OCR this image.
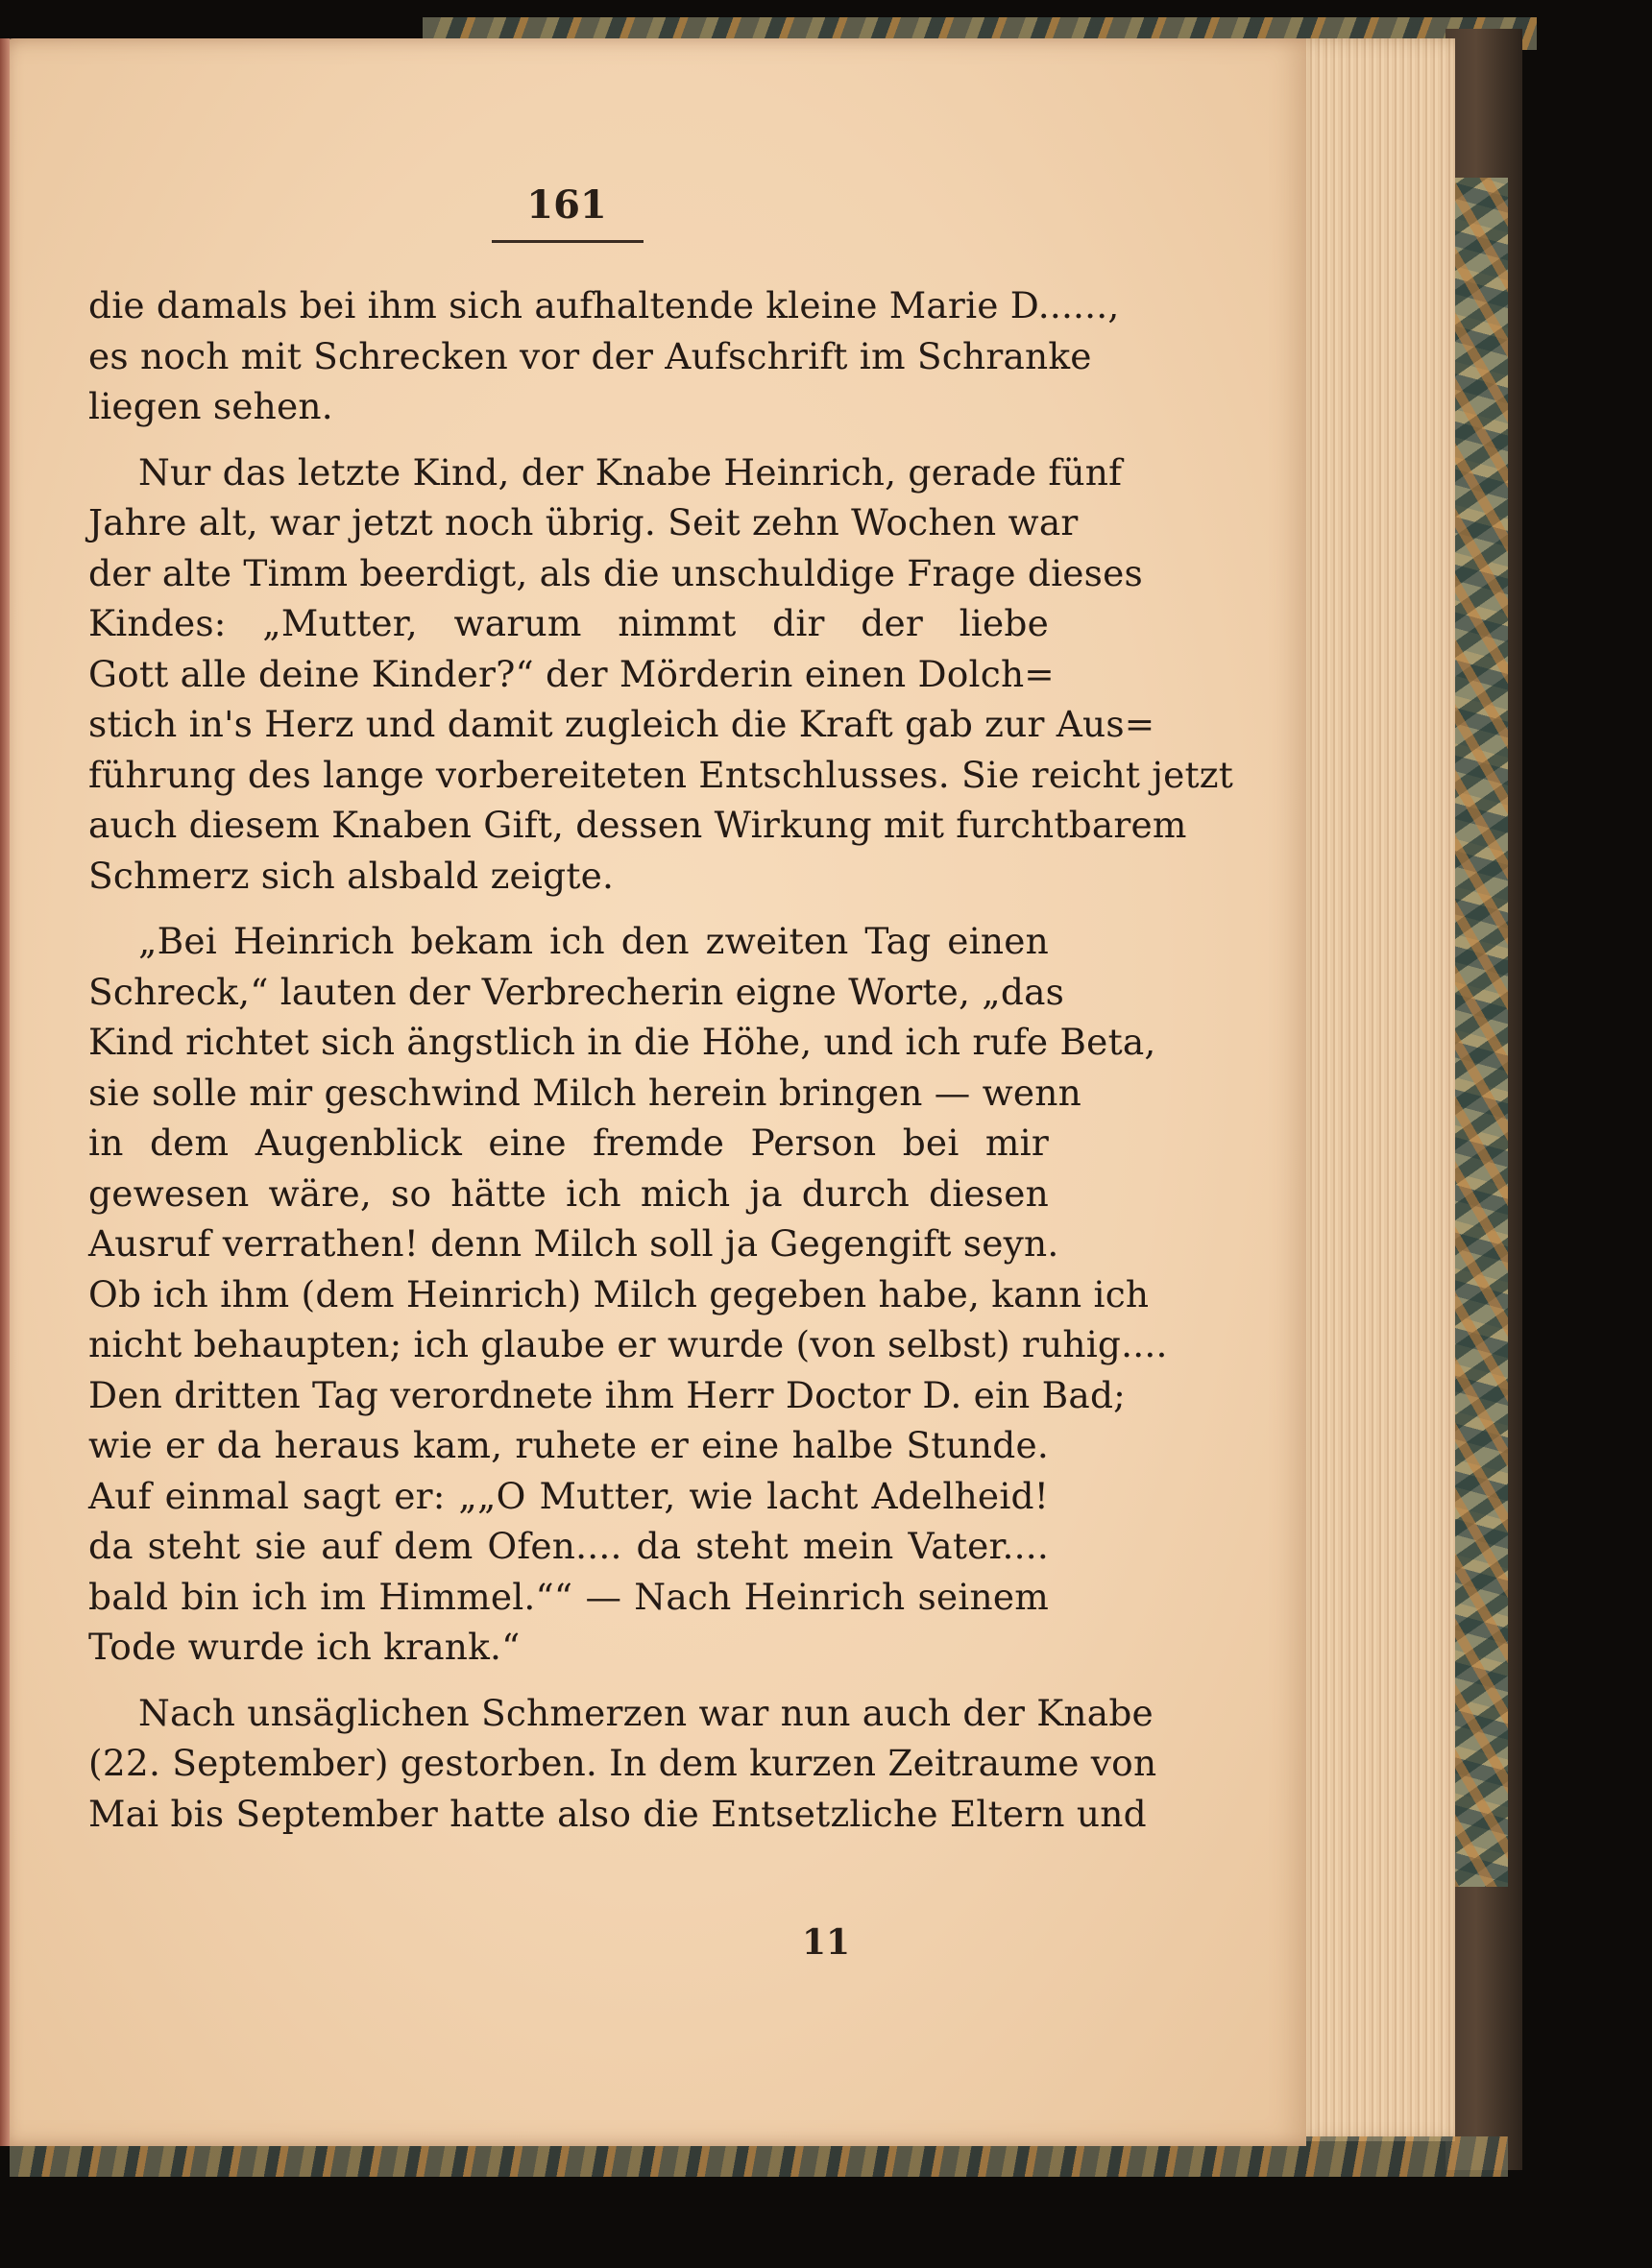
161
die damals bei ihm sich aufhaltende kleine Marie D......,
es noch mit Schrecken vor der Aufschrift im Schranke
liegen sehen.
Nur das letzte Kind, der Knabe Heinrich, gerade fünf
Jahre alt, war jetzt noch übrig. Seit zehn Wochen war
der alte Timm beerdigt, als die unschuldige Frage dieses
Kindes: „Mutter, warum nimmt dir der liebe
Gott alle deine Kinder?“ der Mörderin einen Dolch=
stich in's Herz und damit zugleich die Kraft gab zur Aus=
führung des lange vorbereiteten Entschlusses. Sie reicht jetzt
auch diesem Knaben Gift, dessen Wirkung mit furchtbarem
Schmerz sich alsbald zeigte.
„Bei Heinrich bekam ich den zweiten Tag einen
Schreck,“ lauten der Verbrecherin eigne Worte, „das
Kind richtet sich ängstlich in die Höhe, und ich rufe Beta,
sie solle mir geschwind Milch herein bringen — wenn
in dem Augenblick eine fremde Person bei mir
gewesen wäre, so hätte ich mich ja durch diesen
Ausruf verrathen! denn Milch soll ja Gegengift seyn.
Ob ich ihm (dem Heinrich) Milch gegeben habe, kann ich
nicht behaupten; ich glaube er wurde (von selbst) ruhig....
Den dritten Tag verordnete ihm Herr Doctor D. ein Bad;
wie er da heraus kam, ruhete er eine halbe Stunde.
Auf einmal sagt er: „„O Mutter, wie lacht Adelheid!
da steht sie auf dem Ofen.... da steht mein Vater....
bald bin ich im Himmel.““ — Nach Heinrich seinem
Tode wurde ich krank.“
Nach unsäglichen Schmerzen war nun auch der Knabe
(22. September) gestorben. In dem kurzen Zeitraume von
Mai bis September hatte also die Entsetzliche Eltern und
11
